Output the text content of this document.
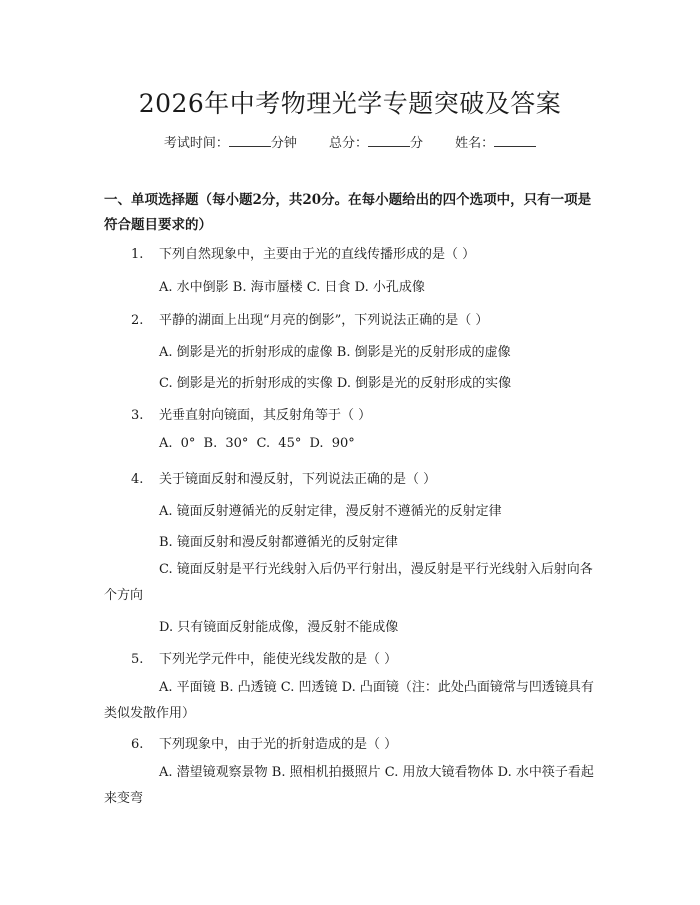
2026年中考物理光学专题突破及答案
考试时间：	分钟 总分：	分 姓名：
一、单项选择题（每小题2分，共20分。在每小题给出的四个选项中，只有一项是符合题目要求的）
1. 下列自然现象中，主要由于光的直线传播形成的是（ ）
A. 水中倒影 B. 海市蜃楼 C. 日食 D. 小孔成像
2. 平静的湖面上出现“月亮的倒影”，下列说法正确的是（ ）
A. 倒影是光的折射形成的虚像 B. 倒影是光的反射形成的虚像
C. 倒影是光的折射形成的实像 D. 倒影是光的反射形成的实像
3. 光垂直射向镜面，其反射角等于（ ）
A. 0° B. 30° C. 45° D. 90°
4. 关于镜面反射和漫反射，下列说法正确的是（ ）
A. 镜面反射遵循光的反射定律，漫反射不遵循光的反射定律
B. 镜面反射和漫反射都遵循光的反射定律
C. 镜面反射是平行光线射入后仍平行射出，漫反射是平行光线射入后射向各个方向
D. 只有镜面反射能成像，漫反射不能成像
5. 下列光学元件中，能使光线发散的是（ ）
A. 平面镜 B. 凸透镜 C. 凹透镜 D. 凸面镜（注：此处凸面镜常与凹透镜具有类似发散作用）
6. 下列现象中，由于光的折射造成的是（ ）
A. 潜望镜观察景物 B. 照相机拍摄照片 C. 用放大镜看物体 D. 水中筷子看起来变弯
